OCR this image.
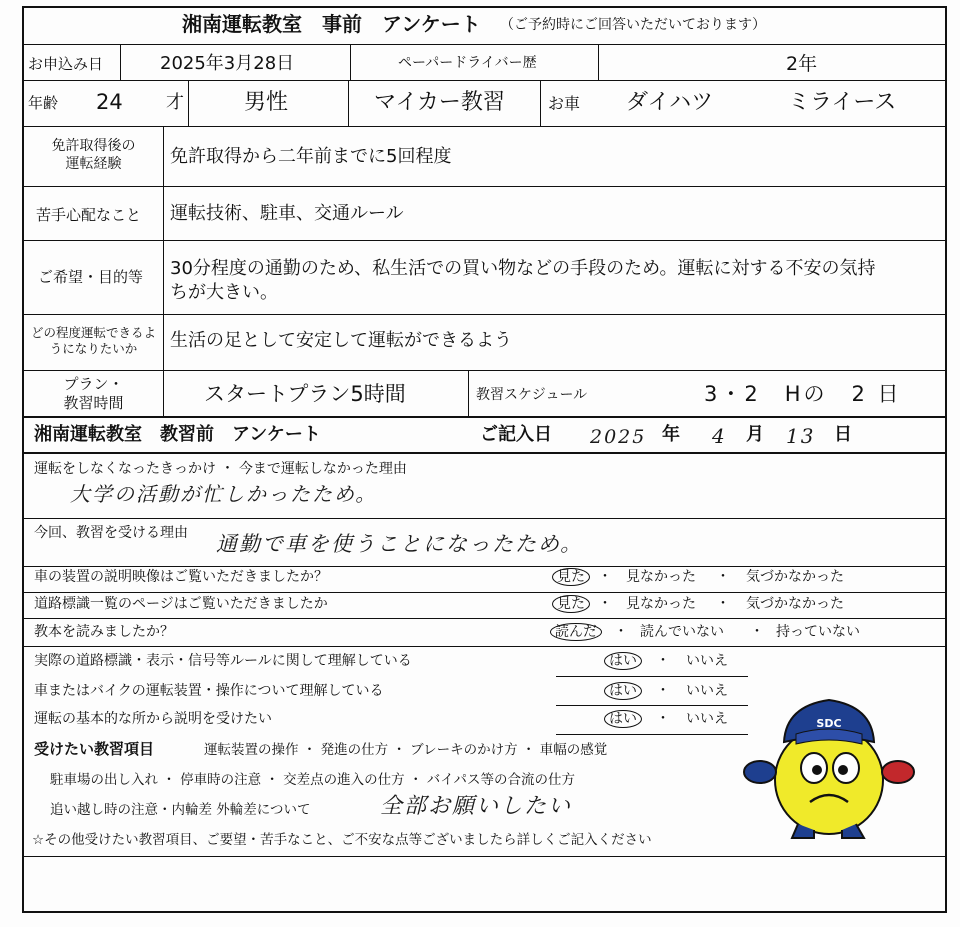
湘南運転教室　事前　アンケート （ご予約時にご回答いただいております）
お申込み日	2025年3月28日	ペーパードライバー歴	2年
年齢 24 才	男性	マイカー教習	お車 ダイハツ	ミライース
免許取得後の
運転経験	免許取得から二年前までに5回程度
苦手心配なこと 運転技術、駐車、交通ルール
ご希望・目的等 30分程度の通勤のため、私生活での買い物などの手段のため。運転に対する不安の気持
ちが大きい。
どの程度運転できるよ
うになりたいか	生活の足として安定して運転ができるよう
プラン・
教習時間	スタートプラン5時間	教習スケジュール	3・2　Hの　2 日
湘南運転教室　教習前　アンケート	ご記入日 2025 年 4 月 13 日
運転をしなくなったきっかけ ・ 今まで運転しなかった理由
大学の活動が忙しかったため。
今回、教習を受ける理由 通勤で車を使うことになったため。
車の装置の説明映像はご覧いただきましたか？	見た ・ 見なかった ・ 気づかなかった
道路標識一覧のページはご覧いただきましたか	見た ・ 見なかった ・ 気づかなかった
教本を読みましたか？	読んだ	・ 読んでいない ・ 持っていない
実際の道路標識・表示・信号等ルールに関して理解している	はい	・ いいえ
車またはバイクの運転装置・操作について理解している	はい	・ いいえ
運転の基本的な所から説明を受けたい	はい	・ いいえ
受けたい教習項目	運転装置の操作 ・ 発進の仕方 ・ ブレーキのかけ方 ・ 車幅の感覚
駐車場の出し入れ ・ 停車時の注意 ・ 交差点の進入の仕方 ・ バイパス等の合流の仕方
追い越し時の注意・内輪差 外輪差について	全部お願いしたい
☆その他受けたい教習項目、ご要望・苦手なこと、ご不安な点等ございましたら詳しくご記入ください
SDC
